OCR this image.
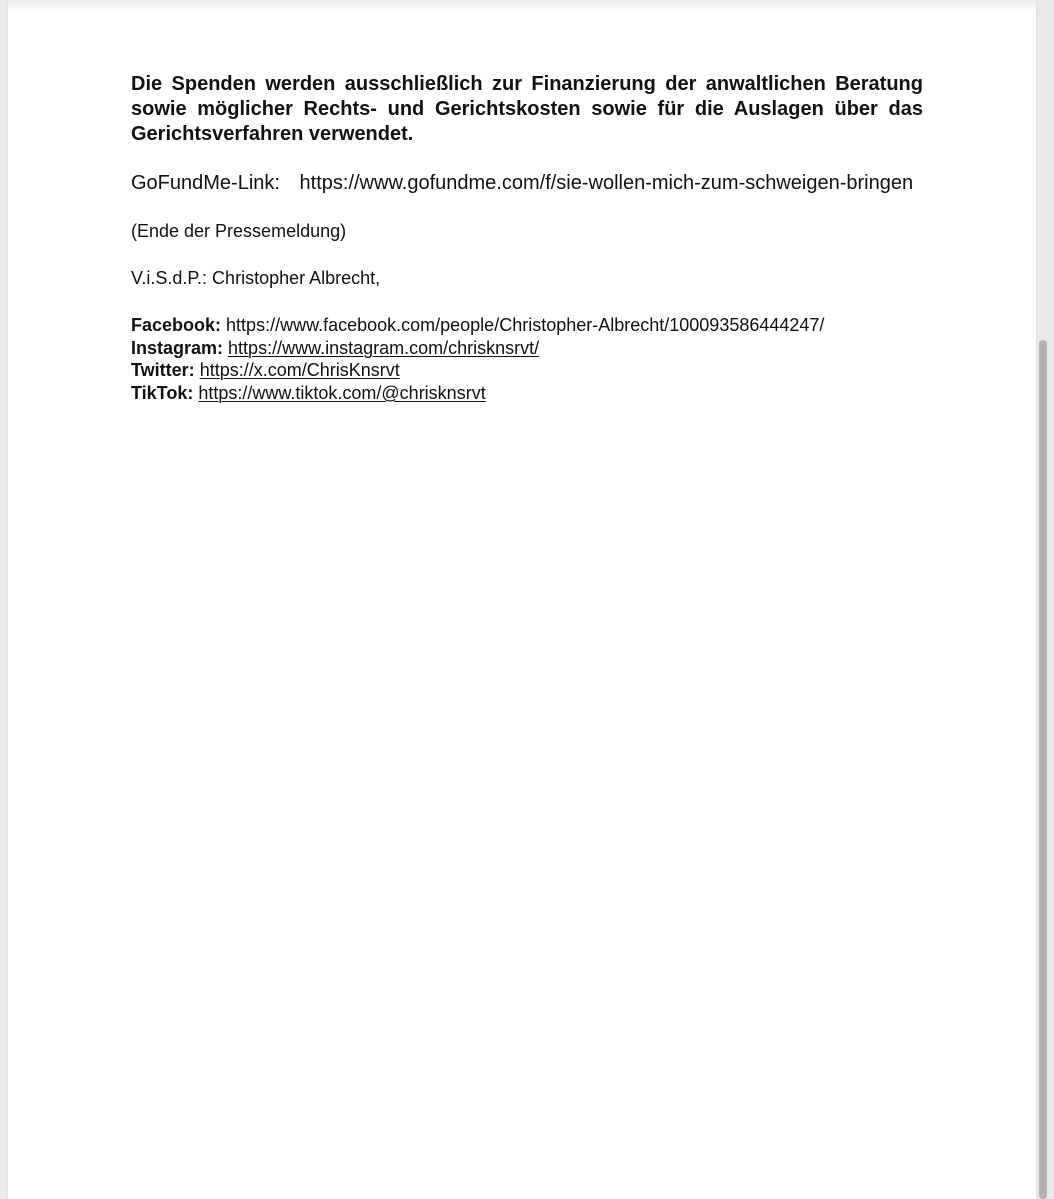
Die Spenden werden ausschließlich zur Finanzierung der anwaltlichen Beratung sowie möglicher Rechts- und Gerichtskosten sowie für die Auslagen über das Gerichtsverfahren verwendet.

GoFundMe-Link: https://www.gofundme.com/f/sie-wollen-mich-zum-schweigen-bringen

(Ende der Pressemeldung)

V.i.S.d.P.: Christopher Albrecht,

Facebook: https://www.facebook.com/people/Christopher-Albrecht/100093586444247/
Instagram: https://www.instagram.com/chrisknsrvt/
Twitter: https://x.com/ChrisKnsrvt
TikTok: https://www.tiktok.com/@chrisknsrvt
